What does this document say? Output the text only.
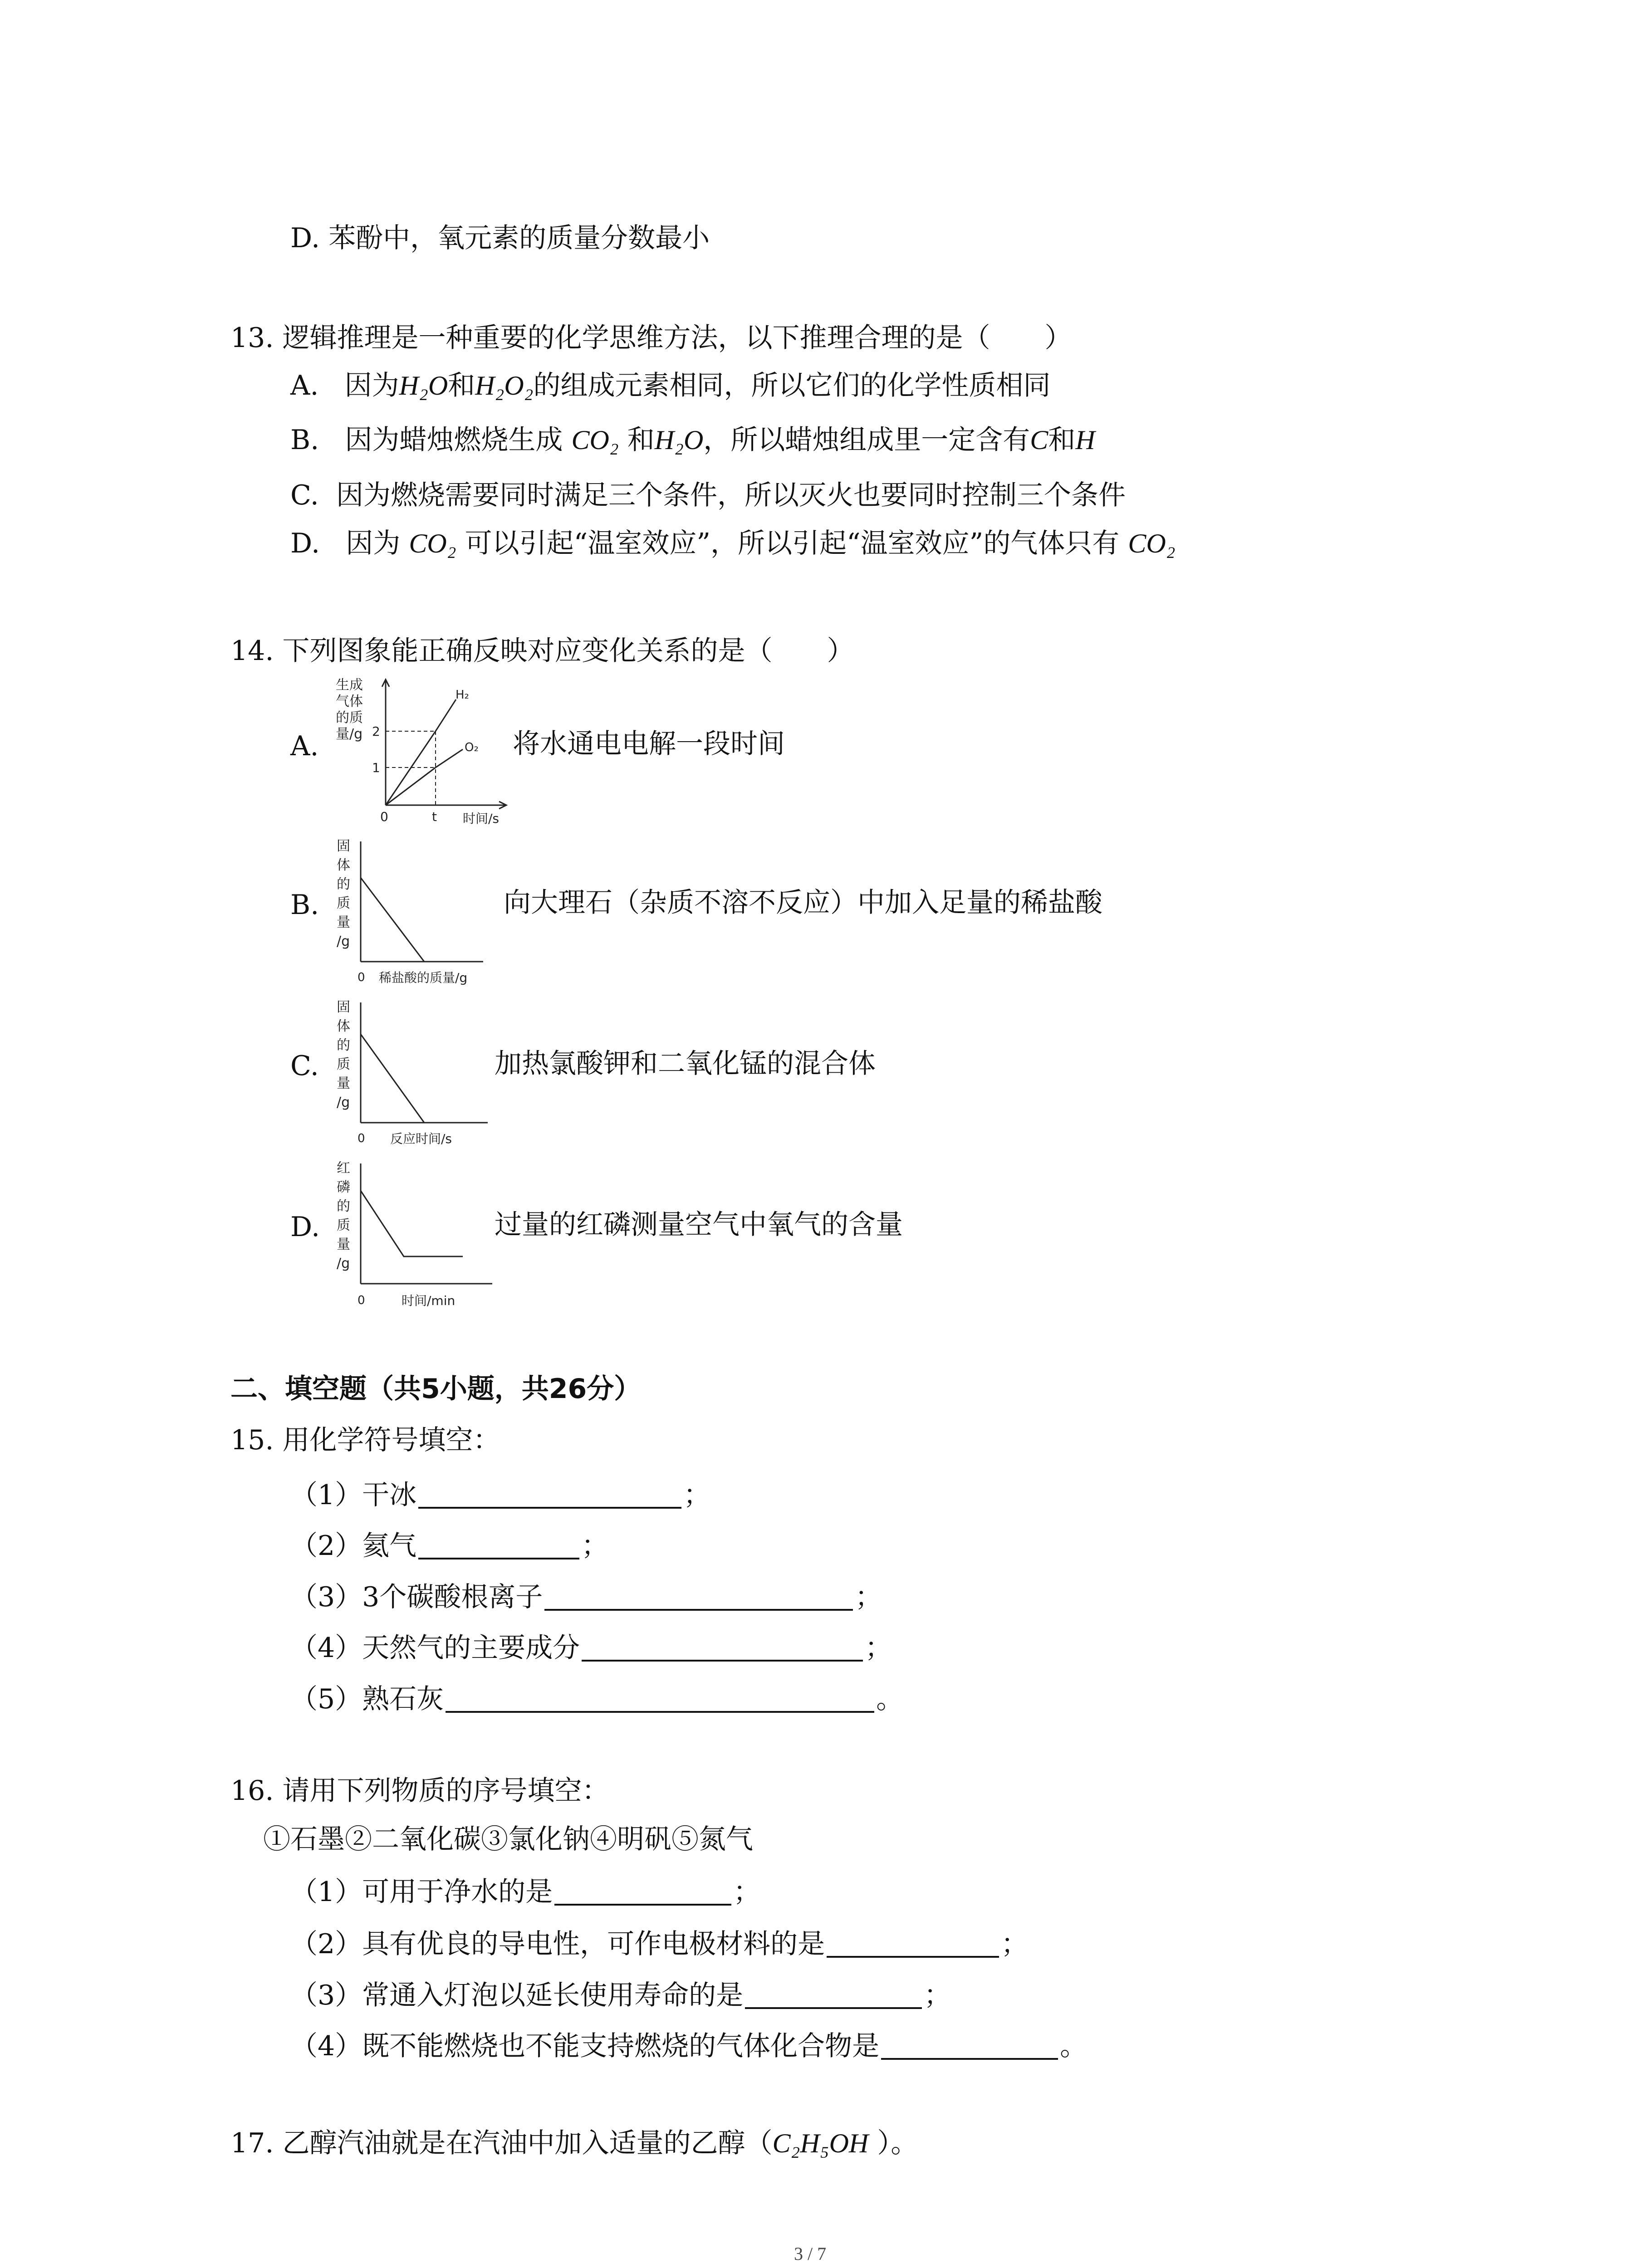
D. 苯酚中，氧元素的质量分数最小
13. 逻辑推理是一种重要的化学思维方法，以下推理合理的是（　　）
A. 因为H₂O和H₂O₂的组成元素相同，所以它们的化学性质相同
B. 因为蜡烛燃烧生成 CO₂ 和H₂O，所以蜡烛组成里一定含有C和H
C. 因为燃烧需要同时满足三个条件，所以灭火也要同时控制三个条件
D. 因为 CO₂ 可以引起“温室效应”，所以引起“温室效应”的气体只有 CO₂
14. 下列图象能正确反映对应变化关系的是（　　）
生成
气体
的质
量/g 2
1
0	t 时间/s
H₂
O₂
A.	将水通电电解一段时间
固
体
的
质
量
/g
0 稀盐酸的质量/g
B.	向大理石（杂质不溶不反应）中加入足量的稀盐酸
固
体
的
质
量
/g
0 反应时间/s
C.	加热氯酸钾和二氧化锰的混合体
红
磷
的
质
量
/g
0	时间/min
D.	过量的红磷测量空气中氧气的含量
二、填空题（共5小题，共26分）
15. 用化学符号填空：
（1）干冰	；
（2）氦气	；
（3）3个碳酸根离子	；
（4）天然气的主要成分	；
（5）熟石灰	。
16. 请用下列物质的序号填空：
①石墨②二氧化碳③氯化钠④明矾⑤氮气
（1）可用于净水的是	；
（2）具有优良的导电性，可作电极材料的是	；
（3）常通入灯泡以延长使用寿命的是	；
（4）既不能燃烧也不能支持燃烧的气体化合物是	。
17. 乙醇汽油就是在汽油中加入适量的乙醇（C₂H₅OH ）。
3 / 7
